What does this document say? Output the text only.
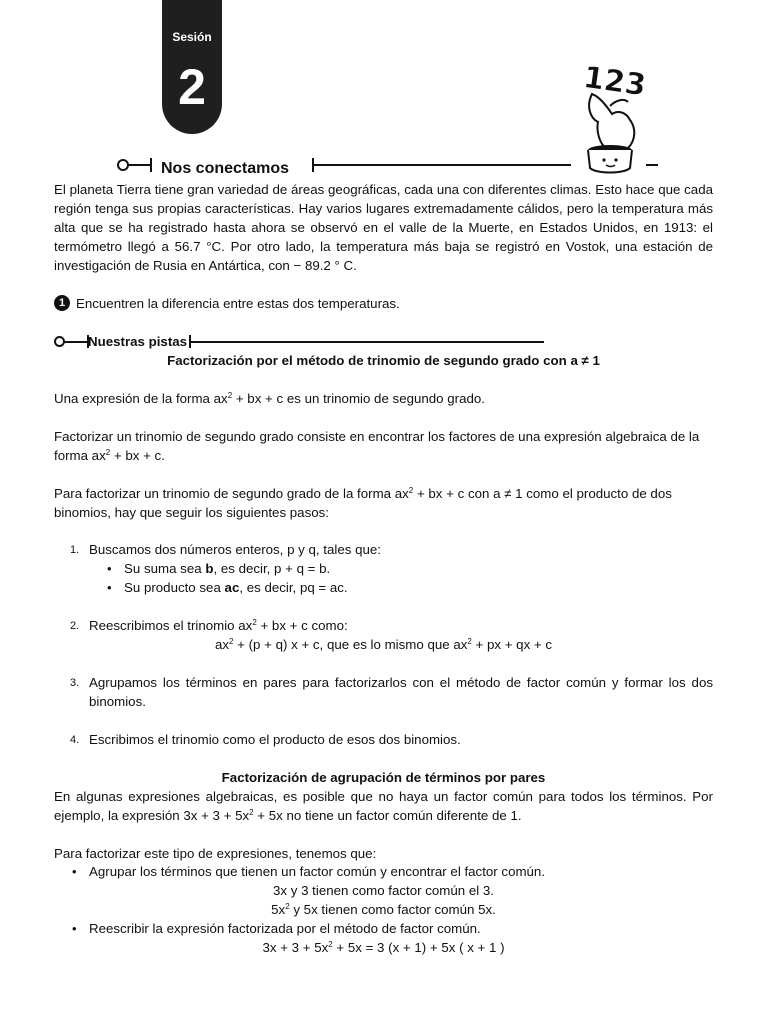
Sesión
2	123
Nos conectamos

El planeta Tierra tiene gran variedad de áreas geográficas, cada una con diferentes climas. Esto hace que cada región tenga sus propias características. Hay varios lugares extremadamente cálidos, pero la temperatura más alta que se ha registrado hasta ahora se observó en el valle de la Muerte, en Estados Unidos, en 1913: el termómetro llegó a 56.7 °C. Por otro lado, la temperatura más baja se registró en Vostok, una estación de investigación de Rusia en Antártica, con − 89.2 ° C.

1 Encuentren la diferencia entre estas dos temperaturas.
Nuestras pistas

Factorización por el método de trinomio de segundo grado con a ≠ 1

Una expresión de la forma $ax^2$ + bx + c es un trinomio de segundo grado.

Factorizar un trinomio de segundo grado consiste en encontrar los factores de una expresión algebraica de la forma $ax^2$ + bx + c.

Para factorizar un trinomio de segundo grado de la forma $ax^2$ + bx + c con a ≠ 1 como el producto de dos binomios, hay que seguir los siguientes pasos:

1. Buscamos dos números enteros, p y q, tales que:
• Su suma sea b, es decir, p + q = b.
• Su producto sea ac, es decir, pq = ac.
2. Reescribimos el trinomio $ax^2$ + bx + c como:

$ax^2 + (p + q) x + c$, que es lo mismo que $ax^2$ + px + qx + c

3. Agrupamos los términos en pares para factorizarlos con el método de factor común y formar los dos binomios.

4. Escribimos el trinomio como el producto de esos dos binomios.

Factorización de agrupación de términos por pares

En algunas expresiones algebraicas, es posible que no haya un factor común para todos los términos. Por ejemplo, la expresión $3x + 3 + 5x^2 + 5x$ no tiene un factor común diferente de 1.

Para factorizar este tipo de expresiones, tenemos que:

• Agrupar los términos que tienen un factor común y encontrar el factor común.

3x y 3 tienen como factor común el 3.

$5x^2$ y 5x tienen como factor común 5x.

• Reescribir la expresión factorizada por el método de factor común.

$3x + 3 + 5x^2 + 5x = 3$ (x + 1) + 5x ( x + 1 )
